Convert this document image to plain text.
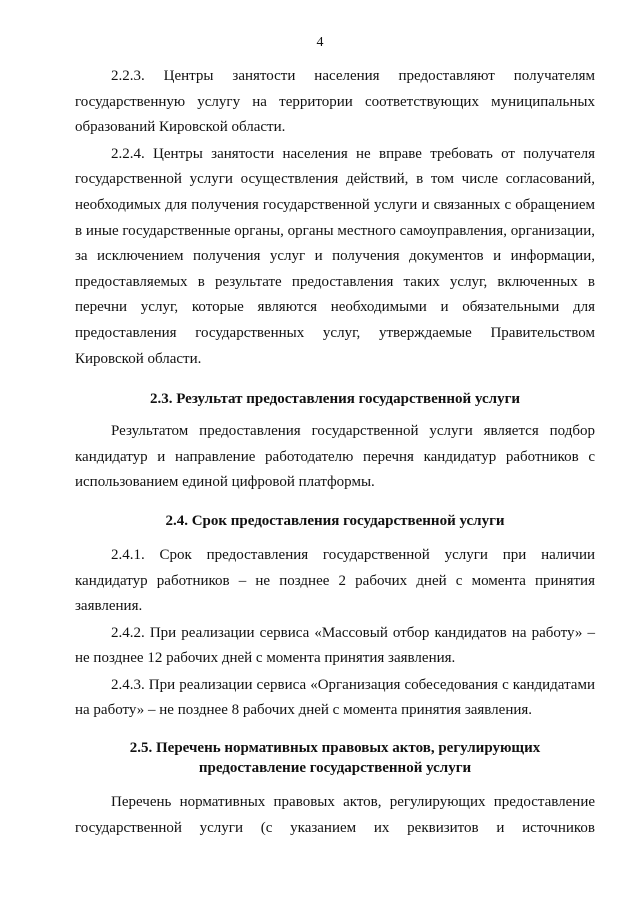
4

2.2.3. Центры занятости населения предоставляют получателям государственную услугу на территории соответствующих муниципальных образований Кировской области.

2.2.4. Центры занятости населения не вправе требовать от получателя государственной услуги осуществления действий, в том числе согласований, необходимых для получения государственной услуги и связанных с обращением в иные государственные органы, органы местного самоуправления, организации, за исключением получения услуг и получения документов и информации, предоставляемых в результате предоставления таких услуг, включенных в перечни услуг, которые являются необходимыми и обязательными для предоставления государственных услуг, утверждаемые Правительством Кировской области.

2.3. Результат предоставления государственной услуги

Результатом предоставления государственной услуги является подбор кандидатур и направление работодателю перечня кандидатур работников с использованием единой цифровой платформы.

2.4. Срок предоставления государственной услуги

2.4.1. Срок предоставления государственной услуги при наличии кандидатур работников – не позднее 2 рабочих дней с момента принятия заявления.

2.4.2. При реализации сервиса «Массовый отбор кандидатов на работу» – не позднее 12 рабочих дней с момента принятия заявления.

2.4.3. При реализации сервиса «Организация собеседования с кандидатами на работу» – не позднее 8 рабочих дней с момента принятия заявления.

2.5. Перечень нормативных правовых актов, регулирующих
предоставление государственной услуги

Перечень нормативных правовых актов, регулирующих предоставление государственной услуги (с указанием их реквизитов и источников
